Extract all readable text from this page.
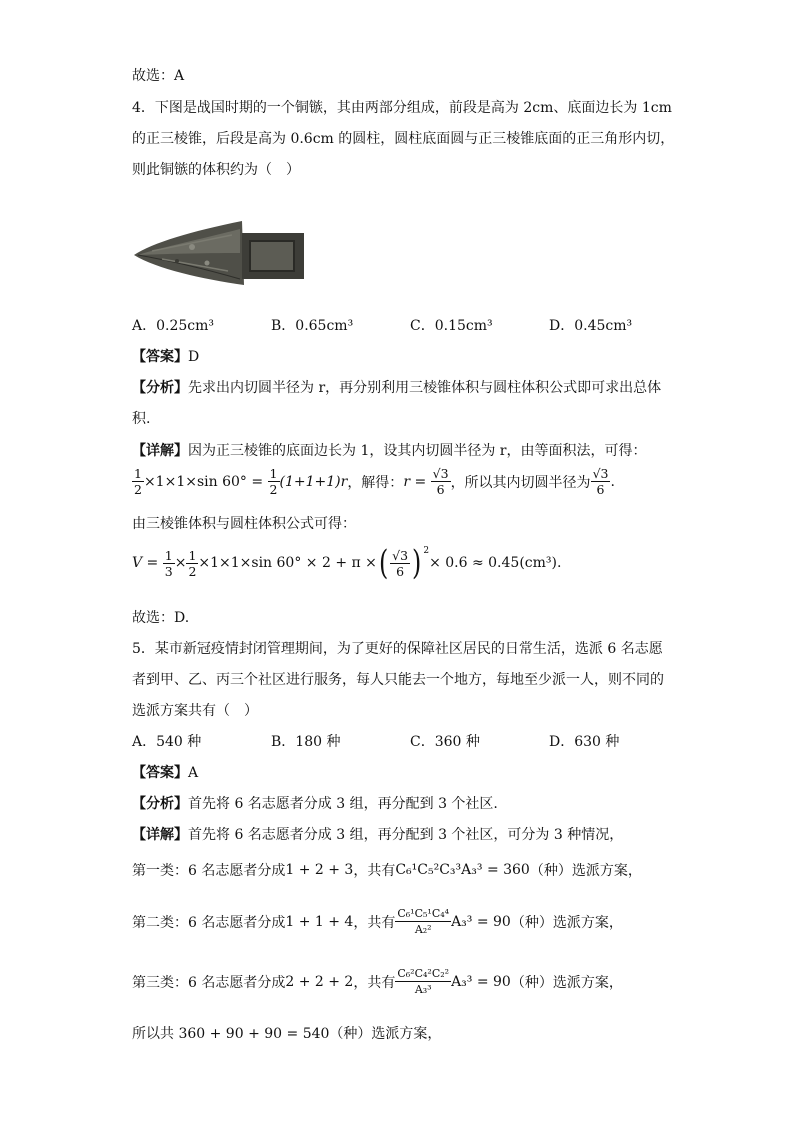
故选：A
4．下图是战国时期的一个铜镞，其由两部分组成，前段是高为 2cm、底面边长为 1cm
的正三棱锥，后段是高为 0.6cm 的圆柱，圆柱底面圆与正三棱锥底面的正三角形内切，
则此铜镞的体积约为（　）
A．0.25cm³	B．0.65cm³	C．0.15cm³	D．0.45cm³
【答案】D
【分析】先求出内切圆半径为 r，再分别利用三棱锥体积与圆柱体积公式即可求出总体
积.
【详解】因为正三棱锥的底面边长为 1，设其内切圆半径为 r，由等面积法，可得：
$\frac{1}{2} \times 1\times 1\times\sin$ 60° =
$\frac{1}{2} (1+1+1)r$ ，解得： r =
$\frac{√3}{6}$ ，所以其内切圆半径为 $\frac{√3}{6}$ .
由三棱锥体积与圆柱体积公式可得：
V =
$\frac{1}{3} \times \frac{1}{2} \times 1\times 1\times\sin$ 60° × 2 + π × ( $\frac{√3}{6} )^2$
× 0.6 ≈ 0.45(cm³).
故选：D.
5．某市新冠疫情封闭管理期间，为了更好的保障社区居民的日常生活，选派 6 名志愿
者到甲、乙、丙三个社区进行服务，每人只能去一个地方，每地至少派一人，则不同的
选派方案共有（　）
A．540 种	B．180 种	C．360 种	D．630 种
【答案】A
【分析】首先将 6 名志愿者分成 3 组，再分配到 3 个社区.
【详解】首先将 6 名志愿者分成 3 组，再分配到 3 个社区，可分为 3 种情况，
第一类：6 名志愿者分成 1 + 2 + 3 ，共有 C₆¹C₅²C₃³A₃³ = 360 （种）选派方案，
第二类：6 名志愿者分成 1 + 1 + 4 ，共有 $\frac{\text{C₆¹C₅¹C₄⁴}}{\text{A₂²}} A_3^3 = 90$ （种）选派方案，
第三类：6 名志愿者分成 2 + 2 + 2 ，共有 $\frac{\text{C₆²C₄²C₂²}}{\text{A₃³}} A_3^3 = 90$ （种）选派方案，
所以共 360 + 90 + 90 = 540（种）选派方案，
